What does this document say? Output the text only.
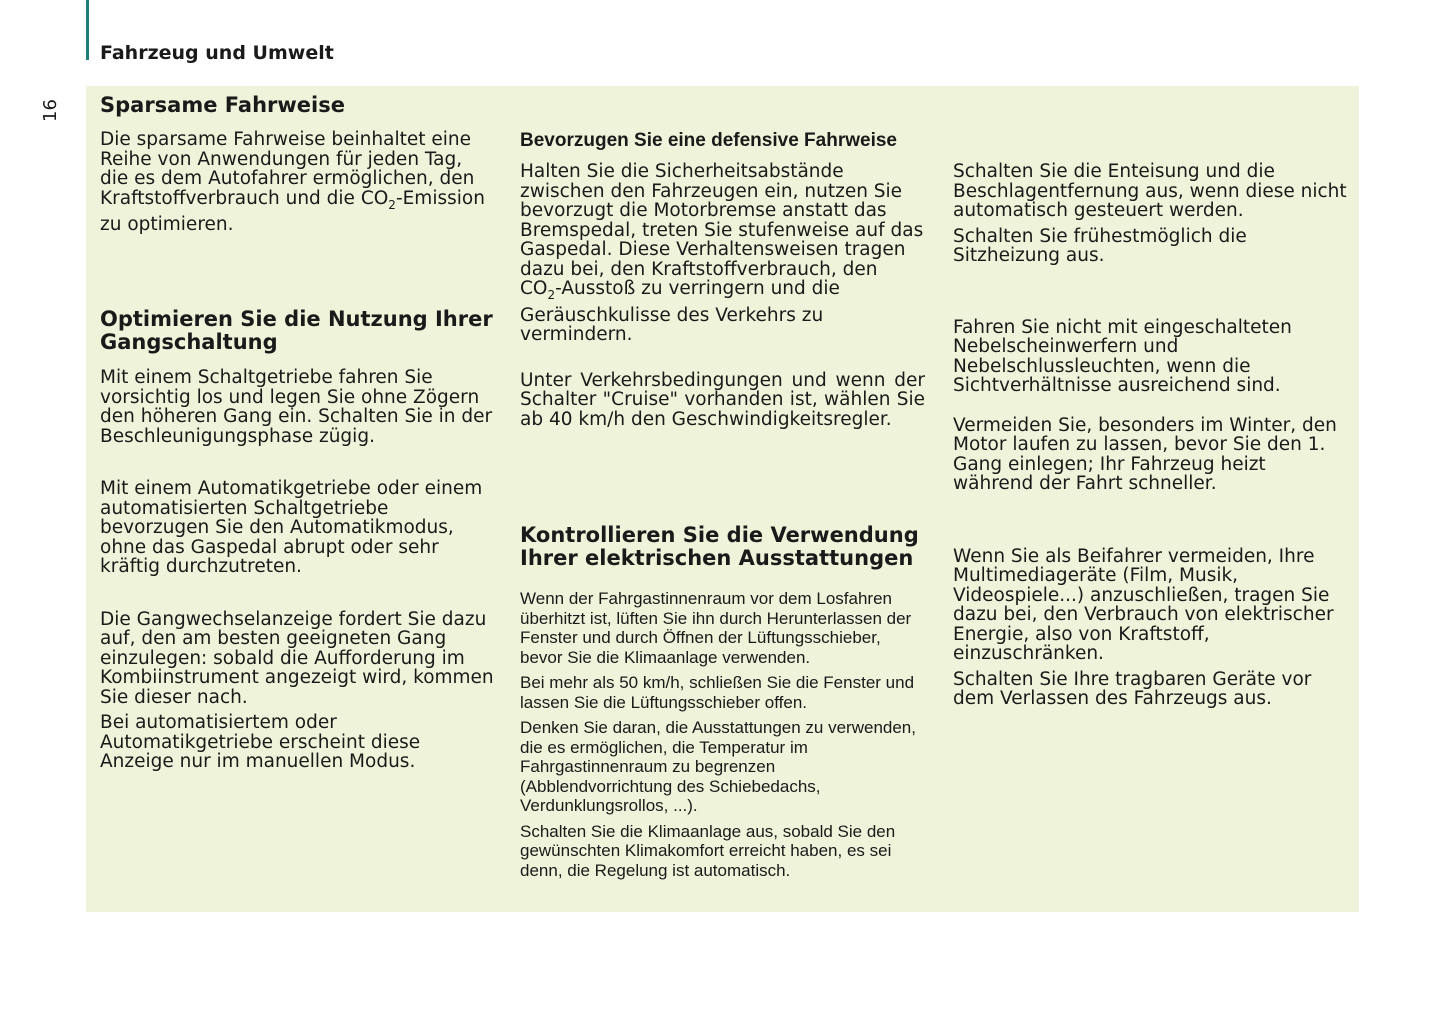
16
Fahrzeug und Umwelt
Sparsame Fahrweise

Die sparsame Fahrweise beinhaltet eine Reihe von Anwendungen für jeden Tag, die es dem Autofahrer ermöglichen, den Kraftstoffverbrauch und die $CO_2$-Emission zu optimieren.

Optimieren Sie die Nutzung Ihrer Gangschaltung

Mit einem Schaltgetriebe fahren Sie vorsichtig los und legen Sie ohne Zögern den höheren Gang ein. Schalten Sie in der Beschleunigungsphase zügig.

Mit einem Automatikgetriebe oder einem automatisierten Schaltgetriebe bevorzugen Sie den Automatikmodus, ohne das Gaspedal abrupt oder sehr kräftig durchzutreten.

Die Gangwechselanzeige fordert Sie dazu auf, den am besten geeigneten Gang einzulegen: sobald die Aufforderung im Kombiinstrument angezeigt wird, kommen Sie dieser nach.

Bei automatisiertem oder Automatikgetriebe erscheint diese Anzeige nur im manuellen Modus.

Bevorzugen Sie eine defensive Fahrweise

Halten Sie die Sicherheitsabstände zwischen den Fahrzeugen ein, nutzen Sie bevorzugt die Motorbremse anstatt das Bremspedal, treten Sie stufenweise auf das Gaspedal. Diese Verhaltensweisen tragen dazu bei, den Kraftstoffverbrauch, den $CO_2$-Ausstoß zu verringern und die Geräuschkulisse des Verkehrs zu vermindern.

Unter Verkehrsbedingungen und wenn der Schalter "Cruise" vorhanden ist, wählen Sie ab 40 km/h den Geschwindigkeitsregler.

Kontrollieren Sie die Verwendung Ihrer elektrischen Ausstattungen

Wenn der Fahrgastinnenraum vor dem Losfahren überhitzt ist, lüften Sie ihn durch Herunterlassen der Fenster und durch Öffnen der Lüftungsschieber, bevor Sie die Klimaanlage verwenden.

Bei mehr als 50 km/h, schließen Sie die Fenster und lassen Sie die Lüftungsschieber offen.

Denken Sie daran, die Ausstattungen zu verwenden, die es ermöglichen, die Temperatur im Fahrgastinnenraum zu begrenzen (Abblendvorrichtung des Schiebedachs, Verdunklungsrollos, ...).

Schalten Sie die Klimaanlage aus, sobald Sie den gewünschten Klimakomfort erreicht haben, es sei denn, die Regelung ist automatisch.

Schalten Sie die Enteisung und die Beschlagentfernung aus, wenn diese nicht automatisch gesteuert werden.

Schalten Sie frühestmöglich die Sitzheizung aus.

Fahren Sie nicht mit eingeschalteten Nebelscheinwerfern und Nebelschlussleuchten, wenn die Sichtverhältnisse ausreichend sind.

Vermeiden Sie, besonders im Winter, den Motor laufen zu lassen, bevor Sie den 1. Gang einlegen; Ihr Fahrzeug heizt während der Fahrt schneller.

Wenn Sie als Beifahrer vermeiden, Ihre Multimediageräte (Film, Musik, Videospiele...) anzuschließen, tragen Sie dazu bei, den Verbrauch von elektrischer Energie, also von Kraftstoff, einzuschränken.

Schalten Sie Ihre tragbaren Geräte vor dem Verlassen des Fahrzeugs aus.
